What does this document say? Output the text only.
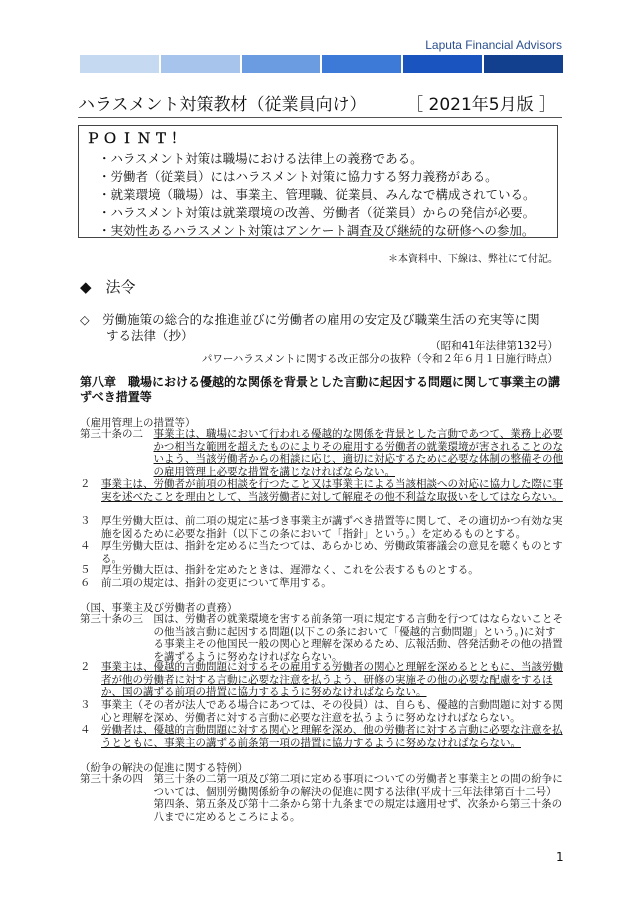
Laputa Financial Advisors
ハラスメント対策教材（従業員向け） ［ 2021年5月版 ］
ＰＯＩＮＴ！
・ハラスメント対策は職場における法律上の義務である。
・労働者（従業員）にはハラスメント対策に協力する努力義務がある。
・就業環境（職場）は、事業主、管理職、従業員、みんなで構成されている。
・ハラスメント対策は就業環境の改善、労働者（従業員）からの発信が必要。
・実効性あるハラスメント対策はアンケート調査及び継続的な研修への参加。
＊本資料中、下線は、弊社にて付記。
◆ 法令
◇　労働施策の総合的な推進並びに労働者の雇用の安定及び職業生活の充実等に関
する法律（抄）
（昭和41年法律第132号）
パワーハラスメントに関する改正部分の抜粋（令和２年６月１日施行時点）
第八章　職場における優越的な関係を背景とした言動に起因する問題に関して事業主の講ずべき措置等
（雇用管理上の措置等）
第三十条の二　 事業主は、職場において行われる優越的な関係を背景とした言動であつて、業務上必要かつ相当な範囲を超えたものによりその雇用する労働者の就業環境が害されることのないよう、当該労働者からの相談に応じ、適切に対応するために必要な体制の整備その他の雇用管理上必要な措置を講じなければならない。
２　 事業主は、労働者が前項の相談を行つたこと又は事業主による当該相談への対応に協力した際に事実を述べたことを理由として、当該労働者に対して解雇その他不利益な取扱いをしてはならない。
３　 厚生労働大臣は、前二項の規定に基づき事業主が講ずべき措置等に関して、その適切かつ有効な実施を図るために必要な指針（以下この条において「指針」という。）を定めるものとする。
４　 厚生労働大臣は、指針を定めるに当たつては、あらかじめ、労働政策審議会の意見を聴くものとする。
５　 厚生労働大臣は、指針を定めたときは、遅滞なく、これを公表するものとする。
６　 前二項の規定は、指針の変更について準用する。
（国、事業主及び労働者の責務）
第三十条の三　 国は、労働者の就業環境を害する前条第一項に規定する言動を行つてはならないことその他当該言動に起因する問題(以下この条において「優越的言動問題」という。)に対する事業主その他国民一般の関心と理解を深めるため、広報活動、啓発活動その他の措置を講ずるように努めなければならない。
２　 事業主は、優越的言動問題に対するその雇用する労働者の関心と理解を深めるとともに、当該労働者が他の労働者に対する言動に必要な注意を払うよう、研修の実施その他の必要な配慮をするほか、国の講ずる前項の措置に協力するように努めなければならない。
３　 事業主（その者が法人である場合にあつては、その役員）は、自らも、優越的言動問題に対する関心と理解を深め、労働者に対する言動に必要な注意を払うように努めなければならない。
４　 労働者は、優越的言動問題に対する関心と理解を深め、他の労働者に対する言動に必要な注意を払うとともに、事業主の講ずる前条第一項の措置に協力するように努めなければならない。
（紛争の解決の促進に関する特例）
第三十条の四　 第三十条の二第一項及び第二項に定める事項についての労働者と事業主との間の紛争については、個別労働関係紛争の解決の促進に関する法律(平成十三年法律第百十二号）第四条、第五条及び第十二条から第十九条までの規定は適用せず、次条から第三十条の八までに定めるところによる。
1
